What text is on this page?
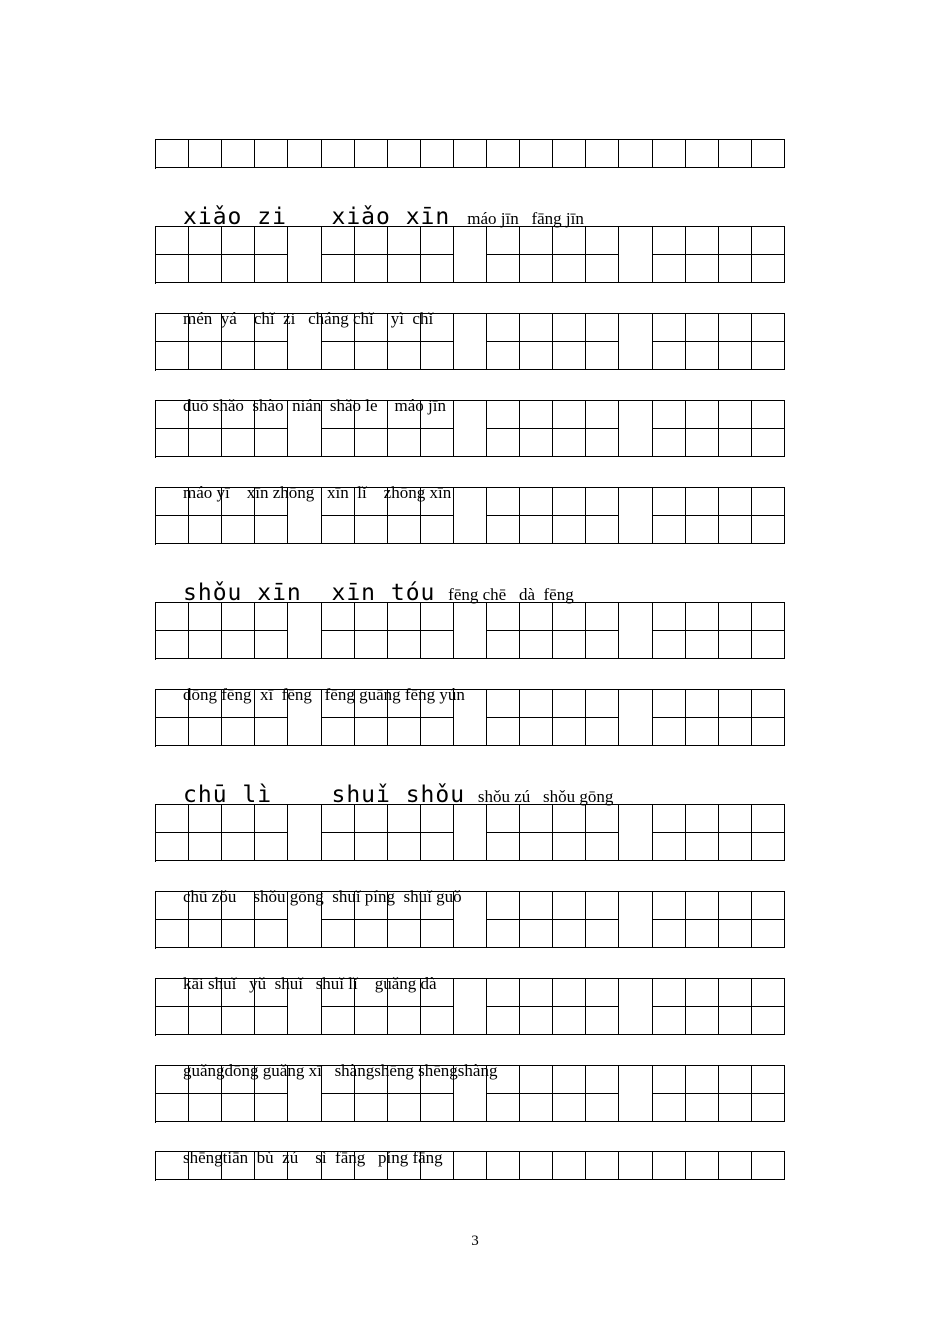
xiǎo zi   xiǎo xīn máo jīn   fāng jīn

mén  yá    chǐ  zi   cháng chǐ    yì  chǐ

duō shǎo  shào  nián  shǎo le    máo jīn

máo yī    xīn zhōng   xīn  lǐ    zhōng xīn

shǒu xīn  xīn tóu fēng chē   dà  fēng

dōng fēng  xī  fēng   fēng guāng fēng yún

chū lì    shuǐ shǒu shǒu zú   shǒu gōng

chū zǒu    shǒu gōng  shuǐ píng  shuǐ guǒ

kāi shuǐ   yǔ  shuǐ   shuǐ lǐ    guǎng dà

guǎngdōng guǎng xī   shàngshēng shēngshàng

shēngtiān  bù  zú    sì  fāng   píng fāng

3
